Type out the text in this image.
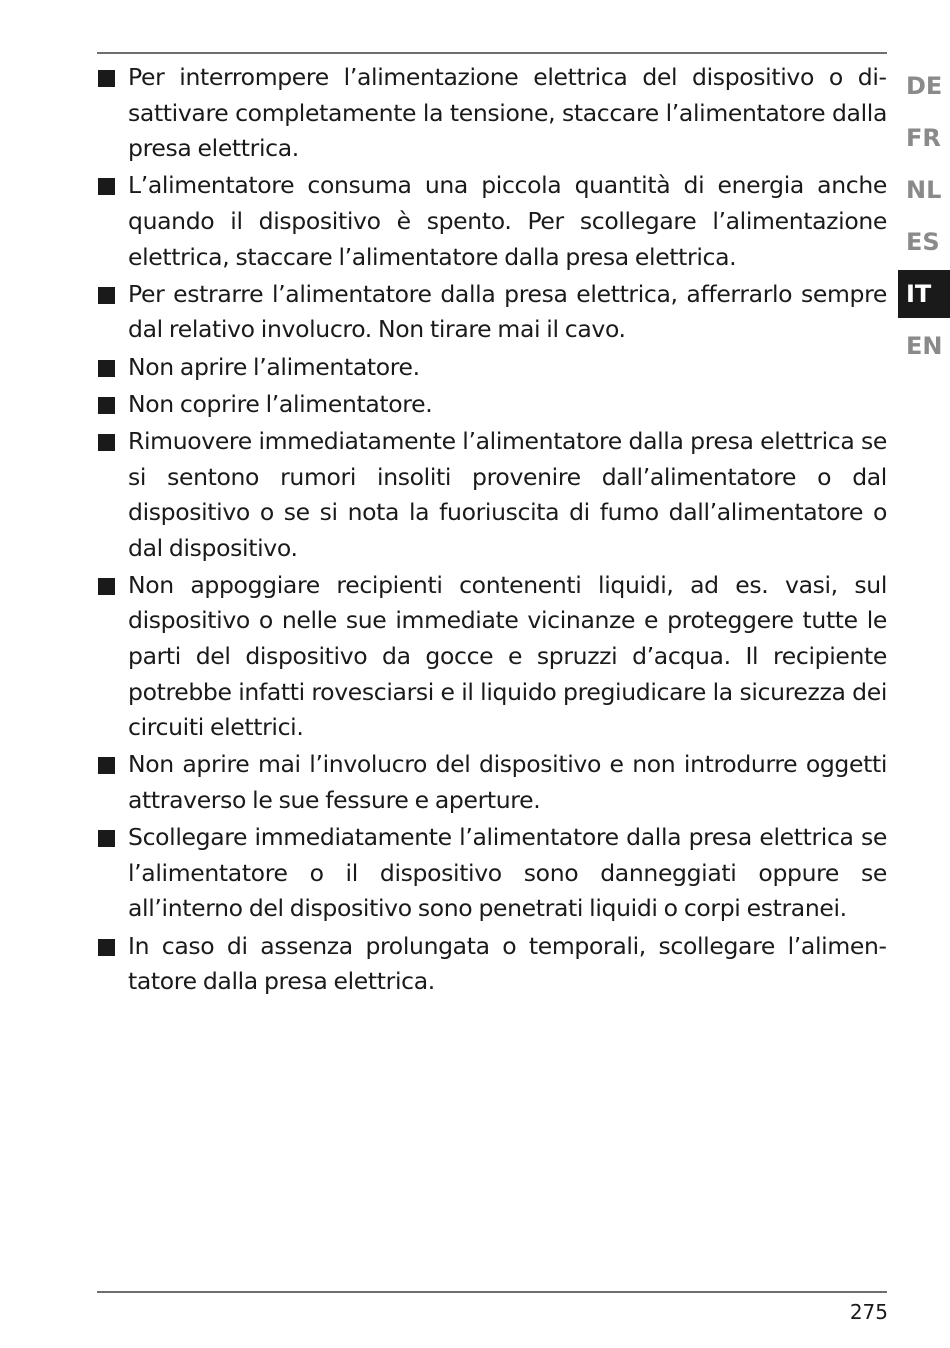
Per interrompere l’alimentazione elettrica del dispositivo o disattivare completamente la tensione, staccare l’alimentatore dalla presa elettrica.
L’alimentatore consuma una piccola quantità di energia anche quando il dispositivo è spento. Per scollegare l’alimentazione elettrica, staccare l’alimentatore dalla presa elettrica.
Per estrarre l’alimentatore dalla presa elettrica, afferrarlo sempre dal relativo involucro. Non tirare mai il cavo.
Non aprire l’alimentatore.
Non coprire l’alimentatore.
Rimuovere immediatamente l’alimentatore dalla presa elettrica se si sentono rumori insoliti provenire dall’alimentatore o dal dispositivo o se si nota la fuoriuscita di fumo dall’alimentatore o dal dispositivo.
Non appoggiare recipienti contenenti liquidi, ad es. vasi, sul dispositivo o nelle sue immediate vicinanze e proteggere tutte le parti del dispositivo da gocce e spruzzi d’acqua. Il recipiente potrebbe infatti rovesciarsi e il liquido pregiudicare la sicurezza dei circuiti elettrici.
Non aprire mai l’involucro del dispositivo e non introdurre oggetti attraverso le sue fessure e aperture.
Scollegare immediatamente l’alimentatore dalla presa elettrica se l’alimentatore o il dispositivo sono danneggiati oppure se all’interno del dispositivo sono penetrati liquidi o corpi estranei.
In caso di assenza prolungata o temporali, scollegare l’alimentatore dalla presa elettrica.
DE
FR
NL
ES
IT
EN
275
